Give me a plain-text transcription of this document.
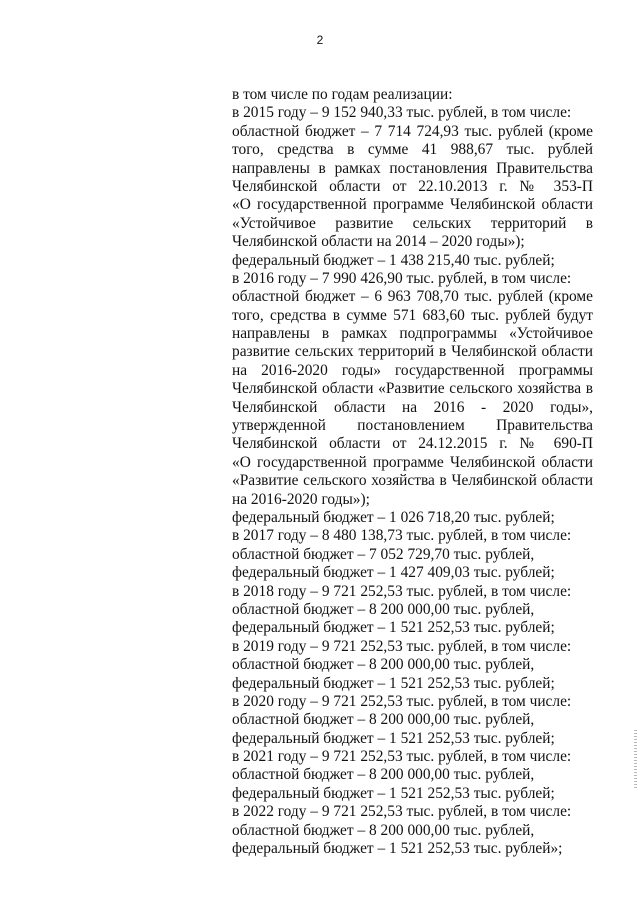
2
в том числе по годам реализации:
в 2015 году – 9 152 940,33 тыс. рублей, в том числе:
областной бюджет – 7 714 724,93 тыс. рублей (кроме
того, средства в сумме 41 988,67 тыс. рублей
направлены в рамках постановления Правительства
Челябинской области от 22.10.2013 г. № 353-П
«О государственной программе Челябинской области
«Устойчивое развитие сельских территорий в
Челябинской области на 2014 – 2020 годы»);
федеральный бюджет – 1 438 215,40 тыс. рублей;
в 2016 году – 7 990 426,90 тыс. рублей, в том числе:
областной бюджет – 6 963 708,70 тыс. рублей (кроме
того, средства в сумме 571 683,60 тыс. рублей будут
направлены в рамках подпрограммы «Устойчивое
развитие сельских территорий в Челябинской области
на 2016-2020 годы» государственной программы
Челябинской области «Развитие сельского хозяйства в
Челябинской области на 2016 - 2020 годы»,
утвержденной постановлением Правительства
Челябинской области от 24.12.2015 г. № 690-П
«О государственной программе Челябинской области
«Развитие сельского хозяйства в Челябинской области
на 2016-2020 годы»);
федеральный бюджет – 1 026 718,20 тыс. рублей;
в 2017 году – 8 480 138,73 тыс. рублей, в том числе:
областной бюджет – 7 052 729,70 тыс. рублей,
федеральный бюджет – 1 427 409,03 тыс. рублей;
в 2018 году – 9 721 252,53 тыс. рублей, в том числе:
областной бюджет – 8 200 000,00 тыс. рублей,
федеральный бюджет – 1 521 252,53 тыс. рублей;
в 2019 году – 9 721 252,53 тыс. рублей, в том числе:
областной бюджет – 8 200 000,00 тыс. рублей,
федеральный бюджет – 1 521 252,53 тыс. рублей;
в 2020 году – 9 721 252,53 тыс. рублей, в том числе:
областной бюджет – 8 200 000,00 тыс. рублей,
федеральный бюджет – 1 521 252,53 тыс. рублей;
в 2021 году – 9 721 252,53 тыс. рублей, в том числе:
областной бюджет – 8 200 000,00 тыс. рублей,
федеральный бюджет – 1 521 252,53 тыс. рублей;
в 2022 году – 9 721 252,53 тыс. рублей, в том числе:
областной бюджет – 8 200 000,00 тыс. рублей,
федеральный бюджет – 1 521 252,53 тыс. рублей»;
